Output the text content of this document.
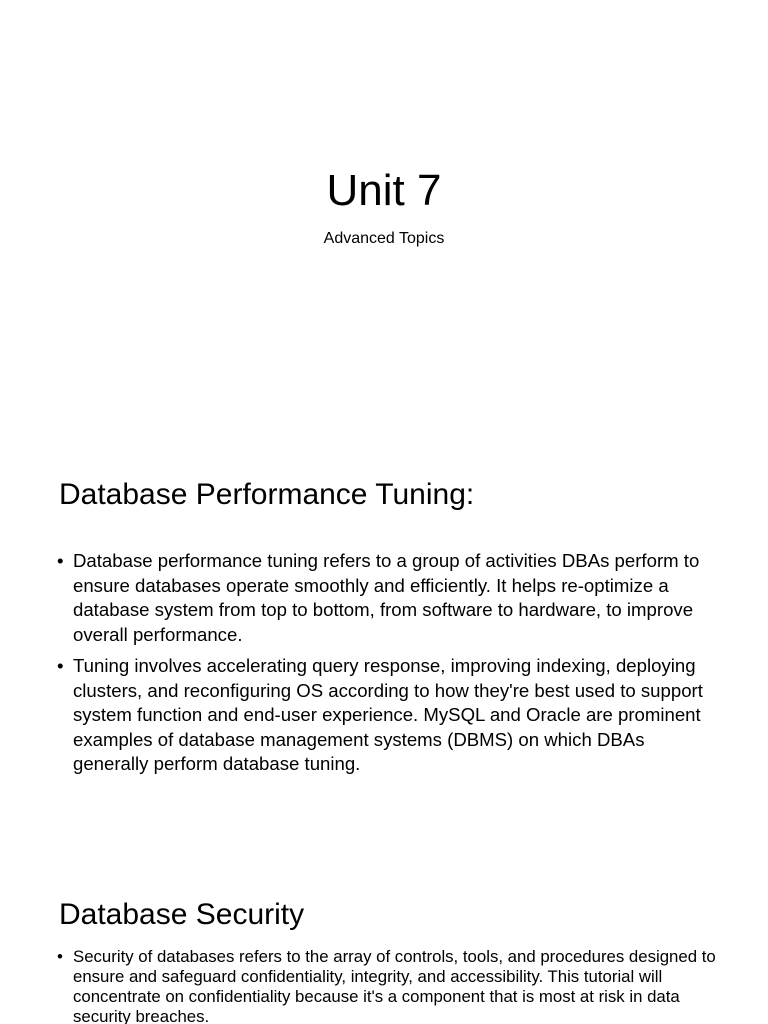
Unit 7
Advanced Topics
Database Performance Tuning:
• Database performance tuning refers to a group of activities DBAs perform to ensure databases operate smoothly and efficiently. It helps re-optimize a database system from top to bottom, from software to hardware, to improve overall performance.
• Tuning involves accelerating query response, improving indexing, deploying clusters, and reconfiguring OS according to how they're best used to support system function and end-user experience. MySQL and Oracle are prominent examples of database management systems (DBMS) on which DBAs generally perform database tuning.
Database Security
• Security of databases refers to the array of controls, tools, and procedures designed to ensure and safeguard confidentiality, integrity, and accessibility. This tutorial will concentrate on confidentiality because it's a component that is most at risk in data security breaches.
